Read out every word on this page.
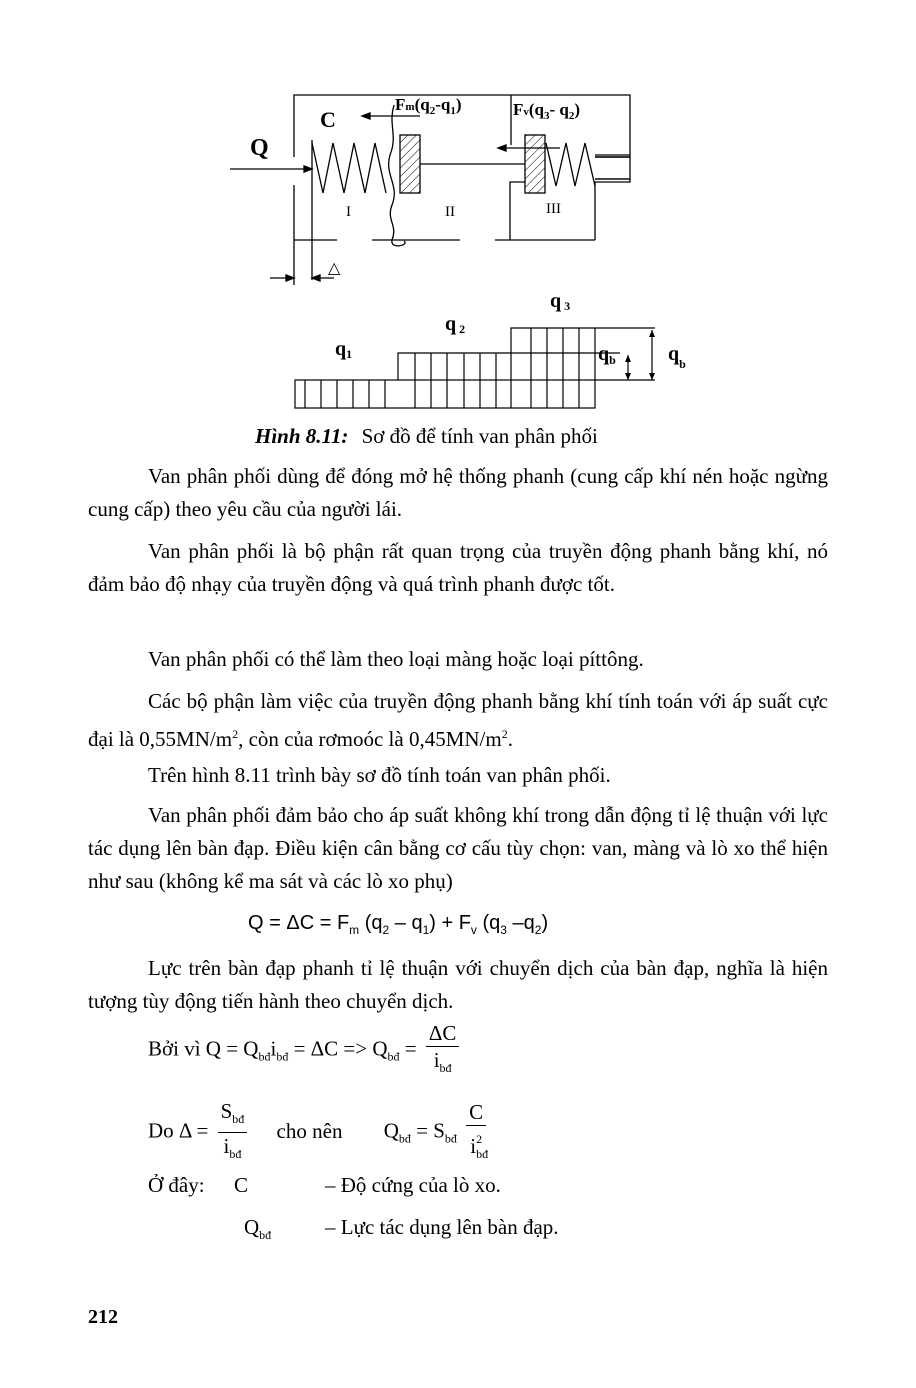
Q
C
$Fm(q_2-q_1)$	$Fv(q_3-$ $q_2$)
I	II	III
△
q1
q 2
q 3
$q_b$	$q_b$
Hình 8.11: Sơ đồ để tính van phân phối
Van phân phối dùng để đóng mở hệ thống phanh (cung cấp khí nén hoặc ngừng cung cấp) theo yêu cầu của người lái.
Van phân phối là bộ phận rất quan trọng của truyền động phanh bằng khí, nó đảm bảo độ nhạy của truyền động và quá trình phanh được tốt.
Van phân phối có thể làm theo loại màng hoặc loại píttông.
Các bộ phận làm việc của truyền động phanh bằng khí tính toán với áp suất cực đại là $0,55MN/m^2$, còn của rơmoóc là $0,45MN/m^2$.
Trên hình 8.11 trình bày sơ đồ tính toán van phân phối.
Van phân phối đảm bảo cho áp suất không khí trong dẫn động tỉ lệ thuận với lực tác dụng lên bàn đạp. Điều kiện cân bằng cơ cấu tùy chọn: van, màng và lò xo thể hiện như sau (không kể ma sát và các lò xo phụ)
$Q = \Delta C = F_m$ $(q_2 - q_1) + F_v$ ($q_3$ $-q_2$)
Lực trên bàn đạp phanh tỉ lệ thuận với chuyển dịch của bàn đạp, nghĩa là hiện tượng tùy động tiến hành theo chuyển dịch.
Bởi vì $Q = Q_{bđ}i_{bđ} = \Delta C => Q_{bđ} = \frac{\Delta C}{i_{bđ}}$
Do $\Delta = \frac{S_{bđ}}{i_{bđ}}$ cho nên $Q_{bđ} = S_{bđ} \frac{C}{i_{bđ}^2}$
Ở đây: C	– Độ cứng của lò xo.
$Q_{bđ}$	– Lực tác dụng lên bàn đạp.
212
